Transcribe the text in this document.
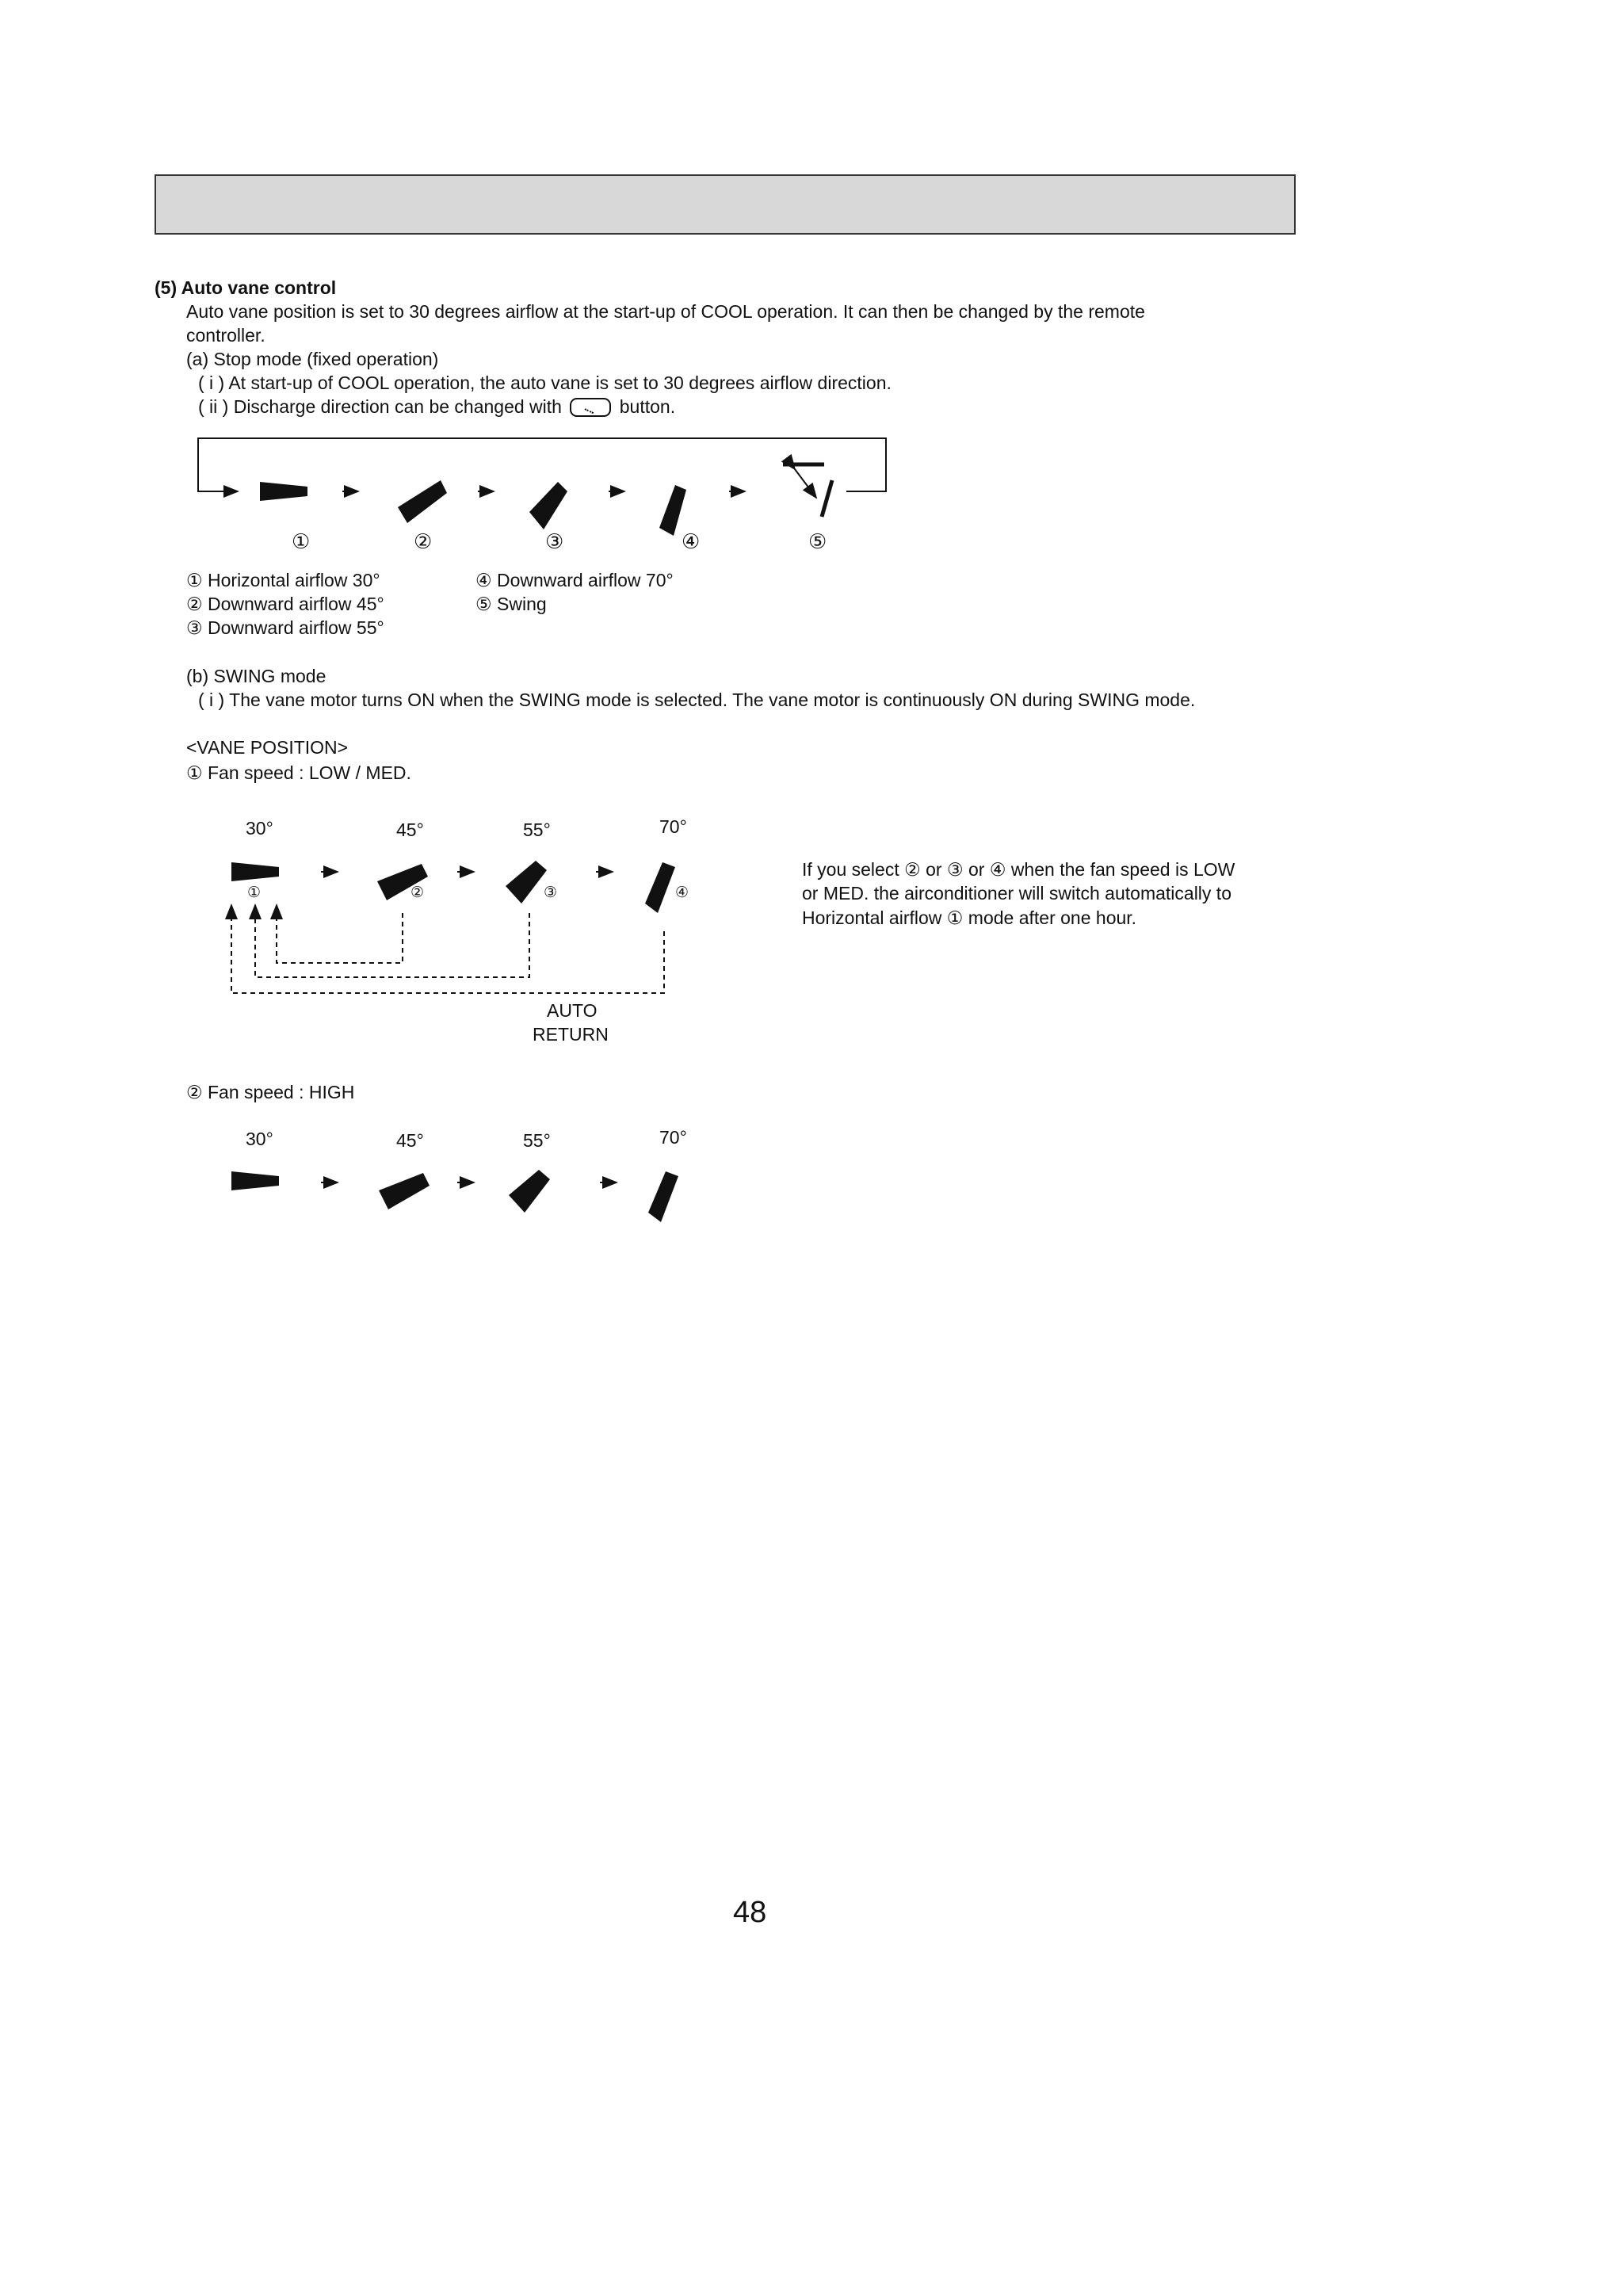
(5) Auto vane control
Auto vane position is set to 30 degrees airflow at the start-up of COOL operation. It can then be changed by the remote
controller.
(a) Stop mode (fixed operation)
( i ) At start-up of COOL operation, the auto vane is set to 30 degrees airflow direction.
( ii ) Discharge direction can be changed with	button.
①	②	③	④	⑤
① Horizontal airflow 30°
② Downward airflow 45°
③ Downward airflow 55°
④ Downward airflow 70°
⑤ Swing
(b) SWING mode
( i ) The vane motor turns ON when the SWING mode is selected. The vane motor is continuously ON during SWING mode.
<VANE POSITION>
① Fan speed : LOW / MED.
30°	45°	55°	70°
①	②	③	④
AUTO
RETURN
If you select ② or ③ or ④ when the fan speed is LOW
or MED. the airconditioner will switch automatically to
Horizontal airflow ① mode after one hour.
② Fan speed : HIGH
30°	45°	55°	70°
48
